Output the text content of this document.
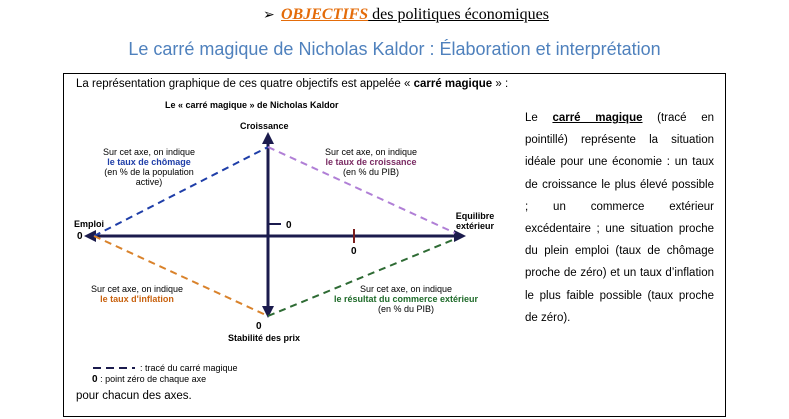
➢ OBJECTIFS des politiques économiques
Le carré magique de Nicholas Kaldor : Élaboration et interprétation
La représentation graphique de ces quatre objectifs est appelée « carré magique » :
Le « carré magique » de Nicholas Kaldor
Croissance
Emploi
Equilibre
extérieur
Stabilité des prix
0
0
0
0
Sur cet axe, on indique
le taux de chômage
(en % de la population
active)
Sur cet axe, on indique
le taux de croissance
(en % du PIB)
Sur cet axe, on indique
le taux d'inflation
Sur cet axe, on indique
le résultat du commerce extérieur
(en % du PIB)
: tracé du carré magique
0 : point zéro de chaque axe
pour chacun des axes.
Le carré magique (tracé en pointillé) représente la situation idéale pour une économie : un taux de croissance le plus élevé possible ; un commerce extérieur excédentaire ; une situation proche du plein emploi (taux de chômage proche de zéro) et un taux d’inflation le plus faible possible (taux proche de zéro).
